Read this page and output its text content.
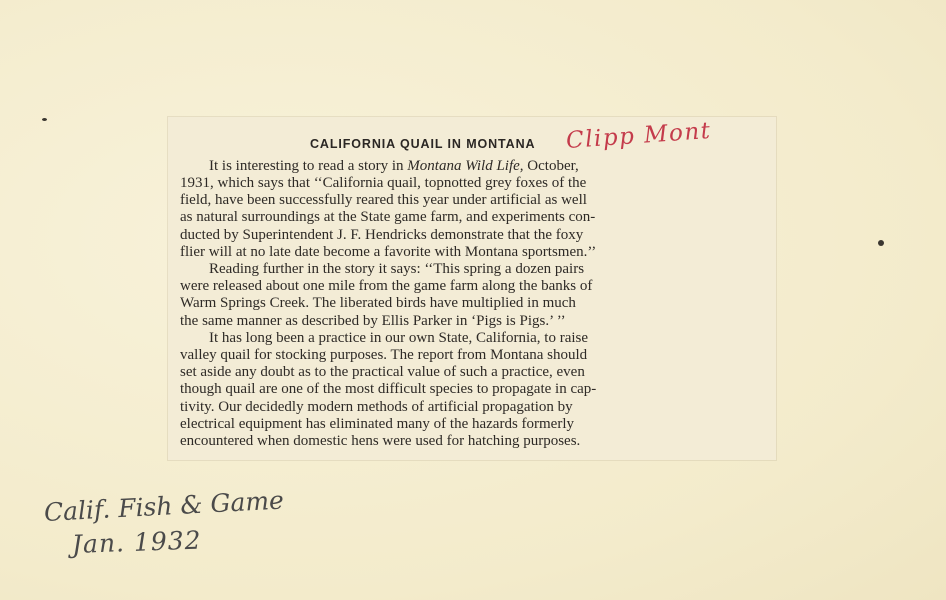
CALIFORNIA QUAIL IN MONTANA Clipp Mont
It is interesting to read a story in Montana Wild Life, October,
1931, which says that ‘‘California quail, topnotted grey foxes of the
field, have been successfully reared this year under artificial as well
as natural surroundings at the State game farm, and experiments con-
ducted by Superintendent J. F. Hendricks demonstrate that the foxy
flier will at no late date become a favorite with Montana sportsmen.’’
Reading further in the story it says: ‘‘This spring a dozen pairs
were released about one mile from the game farm along the banks of
Warm Springs Creek. The liberated birds have multiplied in much
the same manner as described by Ellis Parker in ‘Pigs is Pigs.’ ’’
It has long been a practice in our own State, California, to raise
valley quail for stocking purposes. The report from Montana should
set aside any doubt as to the practical value of such a practice, even
though quail are one of the most difficult species to propagate in cap-
tivity. Our decidedly modern methods of artificial propagation by
electrical equipment has eliminated many of the hazards formerly
encountered when domestic hens were used for hatching purposes.
Calif. Fish & Game
Jan. 1932
